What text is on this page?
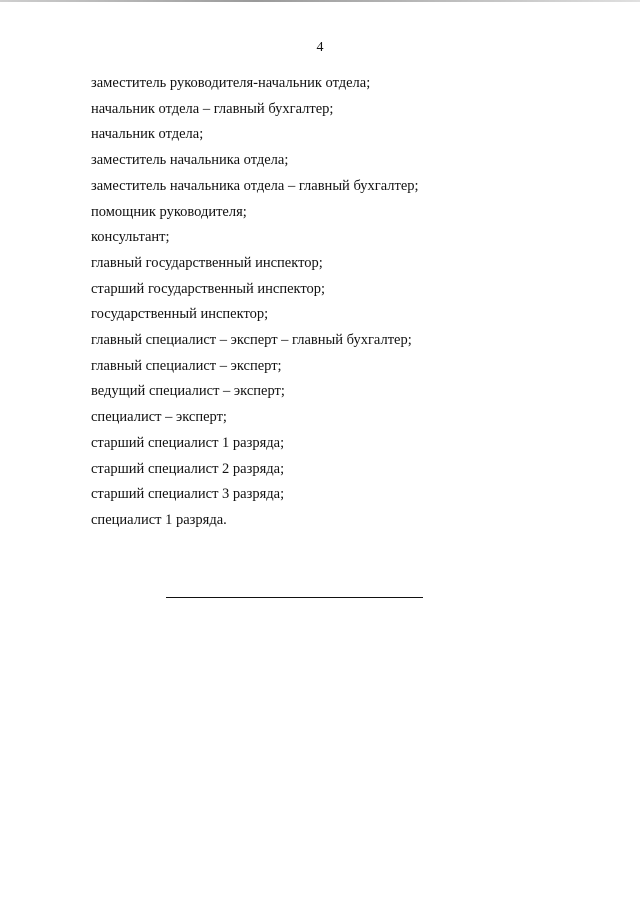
4
заместитель руководителя-начальник отдела;
начальник отдела – главный бухгалтер;
начальник отдела;
заместитель начальника отдела;
заместитель начальника отдела – главный бухгалтер;
помощник руководителя;
консультант;
главный государственный инспектор;
старший государственный инспектор;
государственный инспектор;
главный специалист – эксперт – главный бухгалтер;
главный специалист – эксперт;
ведущий специалист – эксперт;
специалист – эксперт;
старший специалист 1 разряда;
старший специалист 2 разряда;
старший специалист 3 разряда;
специалист 1 разряда.
